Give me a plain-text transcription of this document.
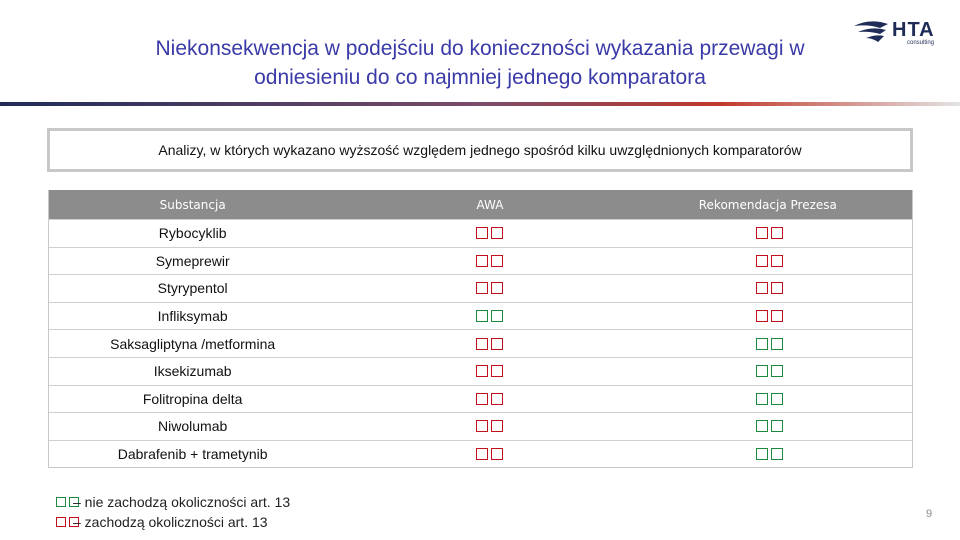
Niekonsekwencja w podejściu do konieczności wykazania przewagi w
odniesieniu do co najmniej jednego komparatora
HTA
consulting
Analizy, w których wykazano wyższość względem jednego spośród kilku uwzględnionych komparatorów
Substancja	AWA	Rekomendacja Prezesa
Rybocyklib
Symeprewir
Styrypentol
Infliksymab
Saksagliptyna /metformina
Iksekizumab
Folitropina delta
Niwolumab
Dabrafenib + trametynib
– nie zachodzą okoliczności art. 13
– zachodzą okoliczności art. 13	9
